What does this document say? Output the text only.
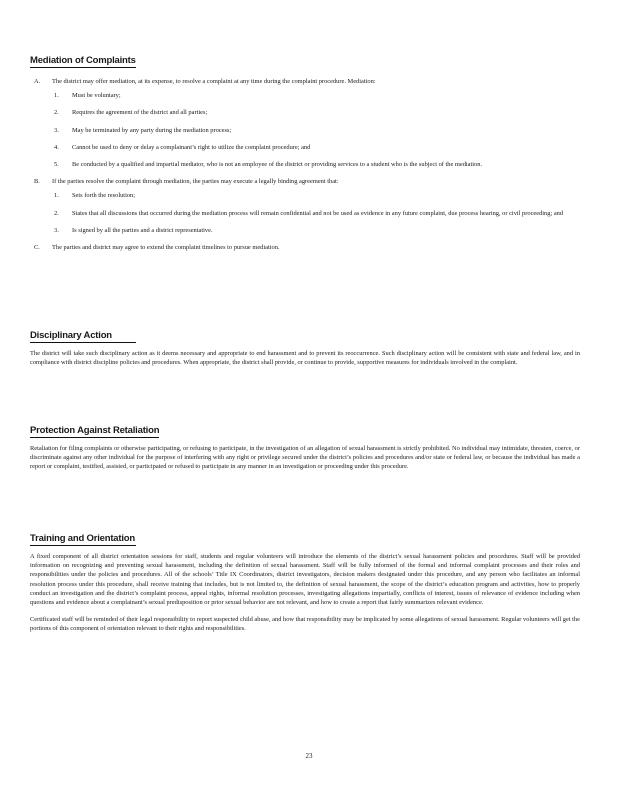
Mediation of Complaints

A. The district may offer mediation, at its expense, to resolve a complaint at any time during the complaint procedure. Mediation:

1. Must be voluntary;

2. Requires the agreement of the district and all parties;

3. May be terminated by any party during the mediation process;

4. Cannot be used to deny or delay a complainant’s right to utilize the complaint procedure; and

5. Be conducted by a qualified and impartial mediator, who is not an employee of the district or providing services to a student who is the subject of the mediation.

B. If the parties resolve the complaint through mediation, the parties may execute a legally binding agreement that:

1. Sets forth the resolution;

2. States that all discussions that occurred during the mediation process will remain confidential and not be used as evidence in any future complaint, due process hearing, or civil proceeding; and

3. Is signed by all the parties and a district representative.

C. The parties and district may agree to extend the complaint timelines to pursue mediation.

Disciplinary Action

The district will take such disciplinary action as it deems necessary and appropriate to end harassment and to prevent its reoccurrence. Such disciplinary action will be consistent with state and federal law, and in compliance with district discipline policies and procedures. When appropriate, the district shall provide, or continue to provide, supportive measures for individuals involved in the complaint.

Protection Against Retaliation

Retaliation for filing complaints or otherwise participating, or refusing to participate, in the investigation of an allegation of sexual harassment is strictly prohibited. No individual may intimidate, threaten, coerce, or discriminate against any other individual for the purpose of interfering with any right or privilege secured under the district’s policies and procedures and/or state or federal law, or because the individual has made a report or complaint, testified, assisted, or participated or refused to participate in any manner in an investigation or proceeding under this procedure.

Training and Orientation

A fixed component of all district orientation sessions for staff, students and regular volunteers will introduce the elements of the district’s sexual harassment policies and procedures. Staff will be provided information on recognizing and preventing sexual harassment, including the definition of sexual harassment. Staff will be fully informed of the formal and informal complaint processes and their roles and responsibilities under the policies and procedures. All of the schools’ Title IX Coordinators, district investigators, decision makers designated under this procedure, and any person who facilitates an informal resolution process under this procedure, shall receive training that includes, but is not limited to, the definition of sexual harassment, the scope of the district’s education program and activities, how to properly conduct an investigation and the district’s complaint process, appeal rights, informal resolution processes, investigating allegations impartially, conflicts of interest, issues of relevance of evidence including when questions and evidence about a complainant’s sexual predisposition or prior sexual behavior are not relevant, and how to create a report that fairly summarizes relevant evidence.

Certificated staff will be reminded of their legal responsibility to report suspected child abuse, and how that responsibility may be implicated by some allegations of sexual harassment. Regular volunteers will get the portions of this component of orientation relevant to their rights and responsibilities.

23
